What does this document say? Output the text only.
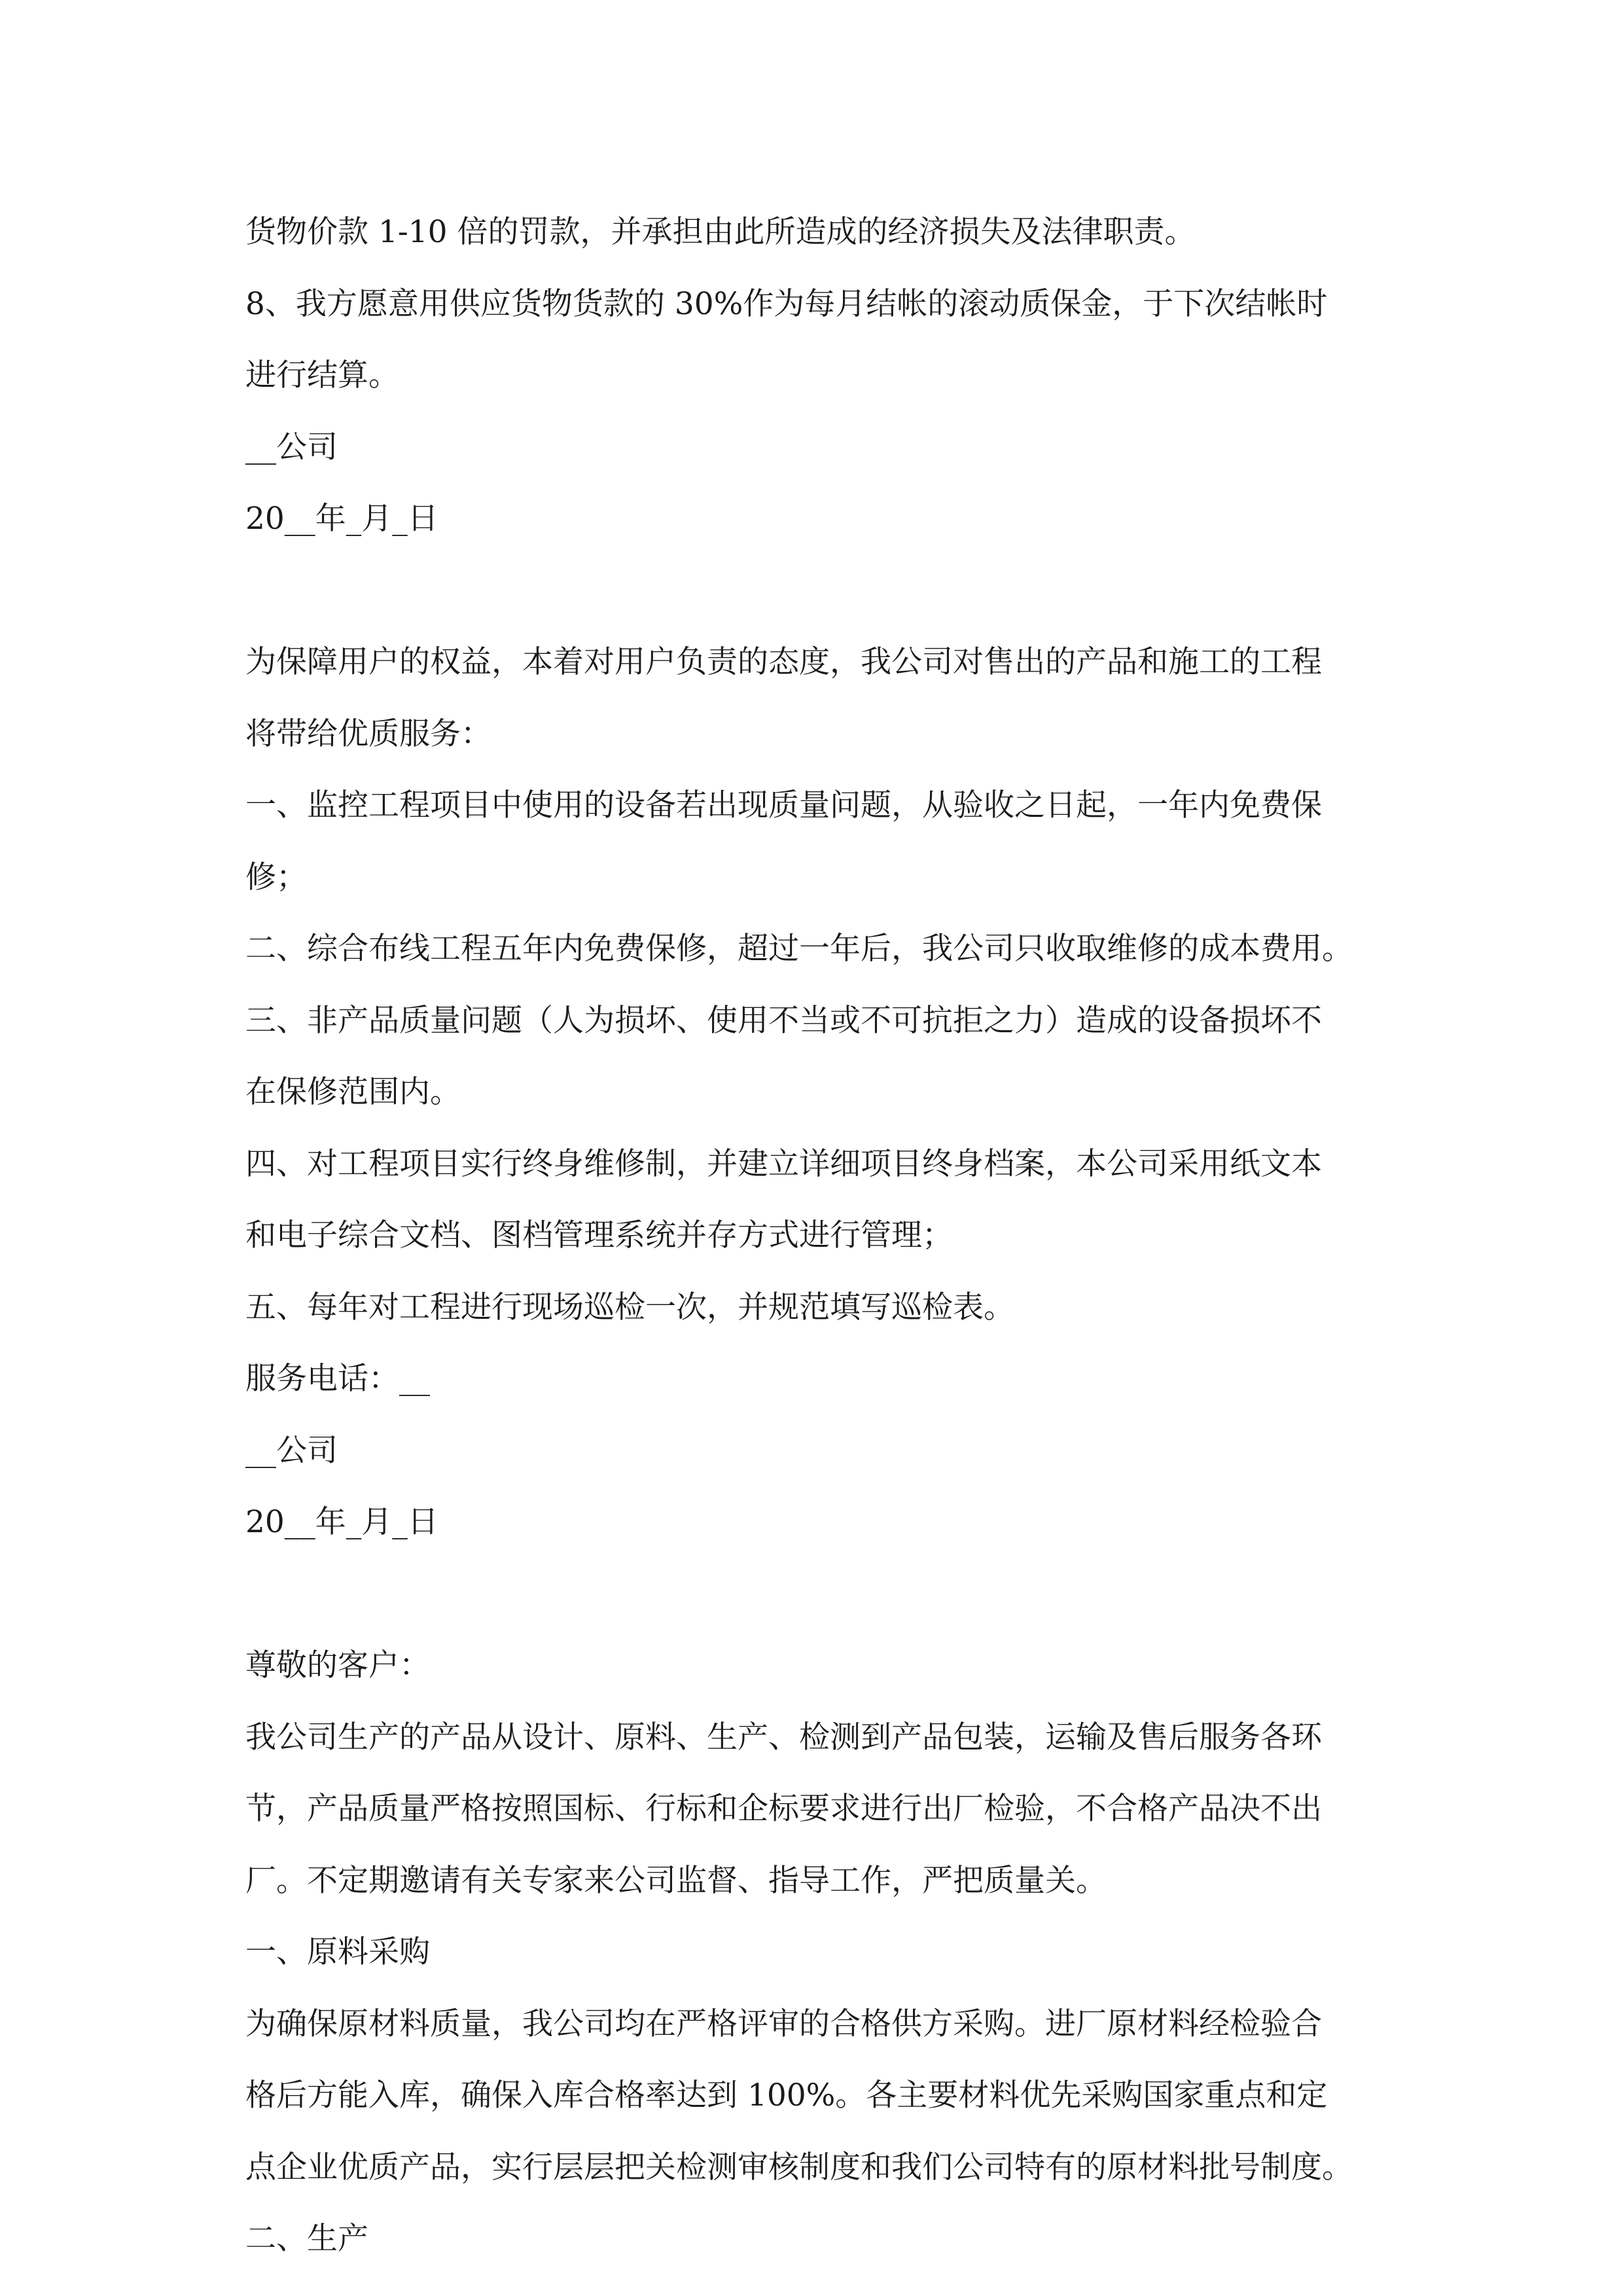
货物价款 1-10 倍的罚款，并承担由此所造成的经济损失及法律职责。
8、我方愿意用供应货物货款的 30%作为每月结帐的滚动质保金，于下次结帐时
进行结算。
__公司
20__年_月_日
为保障用户的权益，本着对用户负责的态度，我公司对售出的产品和施工的工程
将带给优质服务：
一、监控工程项目中使用的设备若出现质量问题，从验收之日起，一年内免费保
修；
二、综合布线工程五年内免费保修，超过一年后，我公司只收取维修的成本费用。
三、非产品质量问题（人为损坏、使用不当或不可抗拒之力）造成的设备损坏不
在保修范围内。
四、对工程项目实行终身维修制，并建立详细项目终身档案，本公司采用纸文本
和电子综合文档、图档管理系统并存方式进行管理；
五、每年对工程进行现场巡检一次，并规范填写巡检表。
服务电话：__
__公司
20__年_月_日
尊敬的客户：
我公司生产的产品从设计、原料、生产、检测到产品包装，运输及售后服务各环
节，产品质量严格按照国标、行标和企标要求进行出厂检验，不合格产品决不出
厂。不定期邀请有关专家来公司监督、指导工作，严把质量关。
一、原料采购
为确保原材料质量，我公司均在严格评审的合格供方采购。进厂原材料经检验合
格后方能入库，确保入库合格率达到 100%。各主要材料优先采购国家重点和定
点企业优质产品，实行层层把关检测审核制度和我们公司特有的原材料批号制度。
二、生产
